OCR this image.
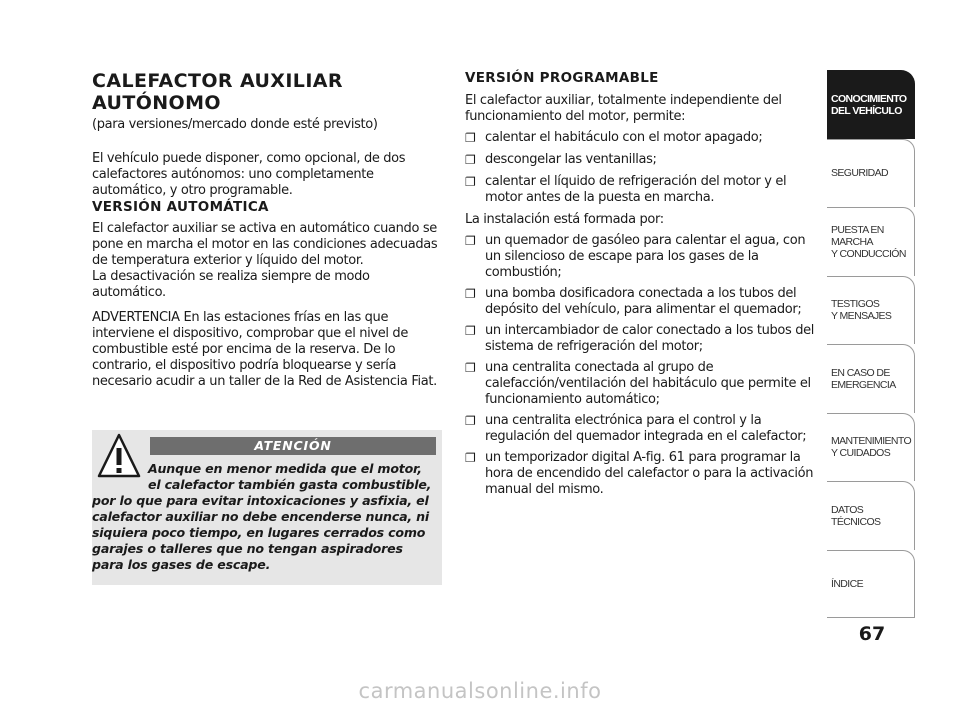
CALEFACTOR AUXILIAR
AUTÓNOMO
(para versiones/mercado donde esté previsto)

El vehículo puede disponer, como opcional, de dos calefactores autónomos: uno completamente automático, y otro programable.

VERSIÓN AUTOMÁTICA

El calefactor auxiliar se activa en automático cuando se pone en marcha el motor en las condiciones adecuadas de temperatura exterior y líquido del motor.

La desactivación se realiza siempre de modo automático.

ADVERTENCIA En las estaciones frías en las que interviene el dispositivo, comprobar que el nivel de combustible esté por encima de la reserva. De lo contrario, el dispositivo podría bloquearse y sería necesario acudir a un taller de la Red de Asistencia Fiat.

ATENCIÓN
Aunque en menor medida que el motor, el calefactor también gasta combustible,
por lo que para evitar intoxicaciones y asfixia, el calefactor auxiliar no debe encenderse nunca, ni siquiera poco tiempo, en lugares cerrados como garajes o talleres que no tengan aspiradores para los gases de escape.

VERSIÓN PROGRAMABLE

El calefactor auxiliar, totalmente independiente del funcionamiento del motor, permite:

❐ calentar el habitáculo con el motor apagado;
❐ descongelar las ventanillas;
❐ calentar el líquido de refrigeración del motor y el motor antes de la puesta en marcha.

La instalación está formada por:

❐ un quemador de gasóleo para calentar el agua, con un silencioso de escape para los gases de la combustión;
❐ una bomba dosificadora conectada a los tubos del depósito del vehículo, para alimentar el quemador;
❐ un intercambiador de calor conectado a los tubos del sistema de refrigeración del motor;
❐ una centralita conectada al grupo de calefacción/ventilación del habitáculo que permite el funcionamiento automático;
❐ una centralita electrónica para el control y la regulación del quemador integrada en el calefactor;
❐ un temporizador digital A-fig. 61 para programar la hora de encendido del calefactor o para la activación manual del mismo.
CONOCIMIENTO
DEL VEHÍCULO
SEGURIDAD
PUESTA EN
MARCHA
Y CONDUCCIÓN
TESTIGOS
Y MENSAJES
EN CASO DE
EMERGENCIA
MANTENIMIENTO
Y CUIDADOS
DATOS
TÉCNICOS
ÍNDICE
67
carmanualsonline.info
